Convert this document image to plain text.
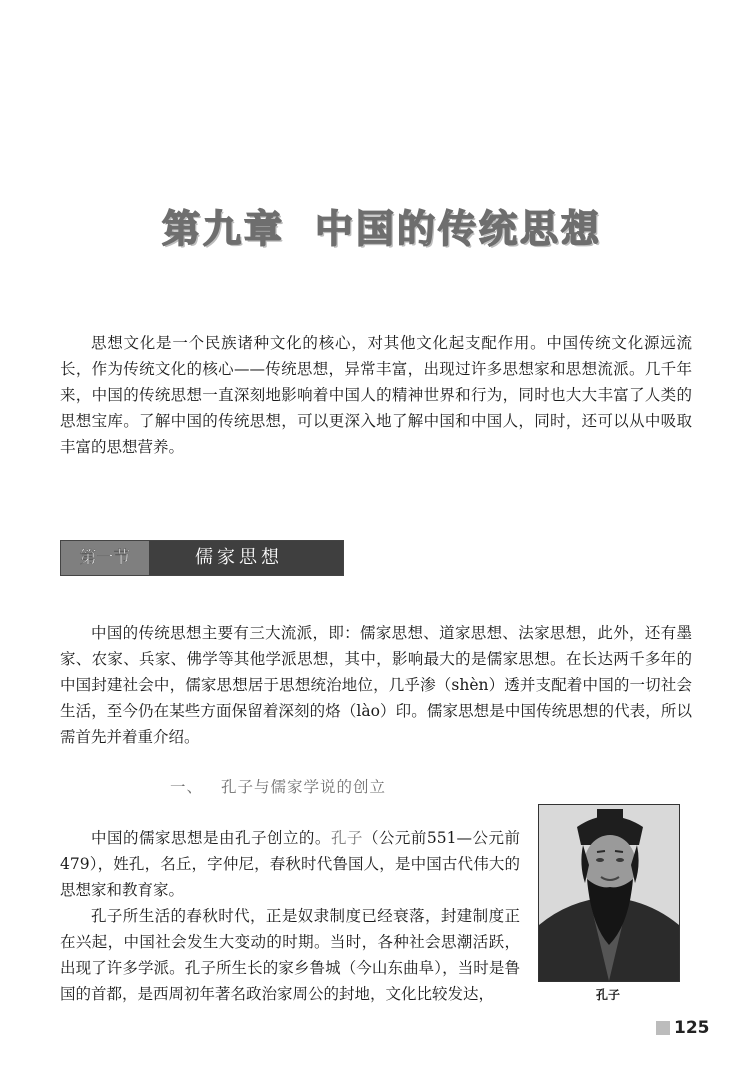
第九章 中国的传统思想

思想文化是一个民族诸种文化的核心，对其他文化起支配作用。中国传统文化源远流长，作为传统文化的核心——传统思想，异常丰富，出现过许多思想家和思想流派。几千年来，中国的传统思想一直深刻地影响着中国人的精神世界和行为，同时也大大丰富了人类的思想宝库。了解中国的传统思想，可以更深入地了解中国和中国人，同时，还可以从中吸取丰富的思想营养。

第一节	儒家思想

中国的传统思想主要有三大流派，即：儒家思想、道家思想、法家思想，此外，还有墨家、农家、兵家、佛学等其他学派思想，其中，影响最大的是儒家思想。在长达两千多年的中国封建社会中，儒家思想居于思想统治地位，几乎渗（shèn）透并支配着中国的一切社会生活，至今仍在某些方面保留着深刻的烙（lào）印。儒家思想是中国传统思想的代表，所以需首先并着重介绍。

一、 孔子与儒家学说的创立

中国的儒家思想是由孔子创立的。孔子（公元前551—公元前479），姓孔，名丘，字仲尼，春秋时代鲁国人，是中国古代伟大的思想家和教育家。

孔子所生活的春秋时代，正是奴隶制度已经衰落，封建制度正在兴起，中国社会发生大变动的时期。当时，各种社会思潮活跃，出现了许多学派。孔子所生长的家乡鲁城（今山东曲阜），当时是鲁国的首都，是西周初年著名政治家周公的封地，文化比较发达，	孔子
125
